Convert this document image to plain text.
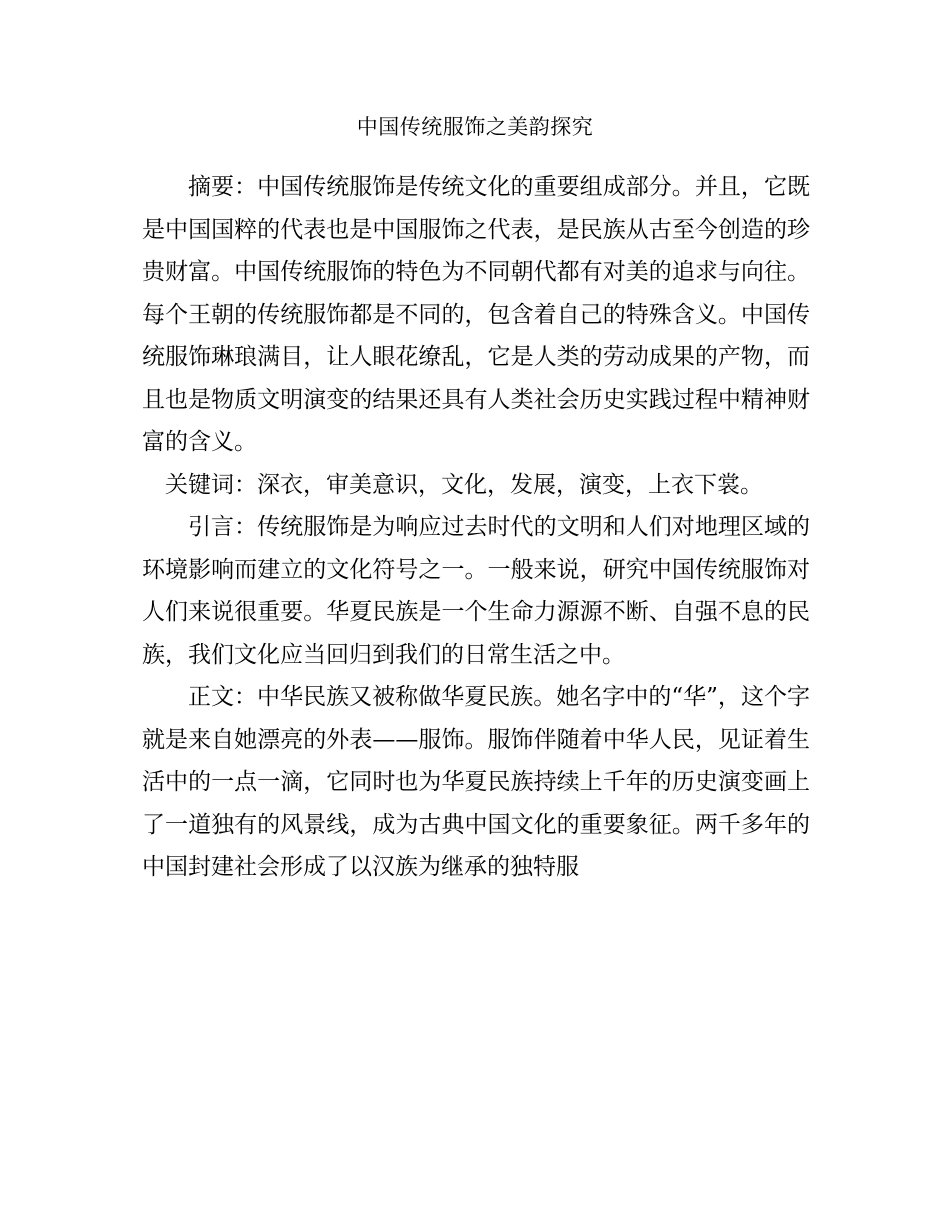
中国传统服饰之美韵探究

摘要：中国传统服饰是传统文化的重要组成部分。并且，它既是中国国粹的代表也是中国服饰之代表，是民族从古至今创造的珍贵财富。中国传统服饰的特色为不同朝代都有对美的追求与向往。每个王朝的传统服饰都是不同的，包含着自己的特殊含义。中国传统服饰琳琅满目，让人眼花缭乱，它是人类的劳动成果的产物，而且也是物质文明演变的结果还具有人类社会历史实践过程中精神财富的含义。

关键词：深衣，审美意识，文化，发展，演变，上衣下裳。

引言：传统服饰是为响应过去时代的文明和人们对地理区域的环境影响而建立的文化符号之一。一般来说，研究中国传统服饰对人们来说很重要。华夏民族是一个生命力源源不断、自强不息的民族，我们文化应当回归到我们的日常生活之中。

正文：中华民族又被称做华夏民族。她名字中的“华”，这个字就是来自她漂亮的外表——服饰。服饰伴随着中华人民，见证着生活中的一点一滴，它同时也为华夏民族持续上千年的历史演变画上了一道独有的风景线，成为古典中国文化的重要象征。两千多年的中国封建社会形成了以汉族为继承的独特服
